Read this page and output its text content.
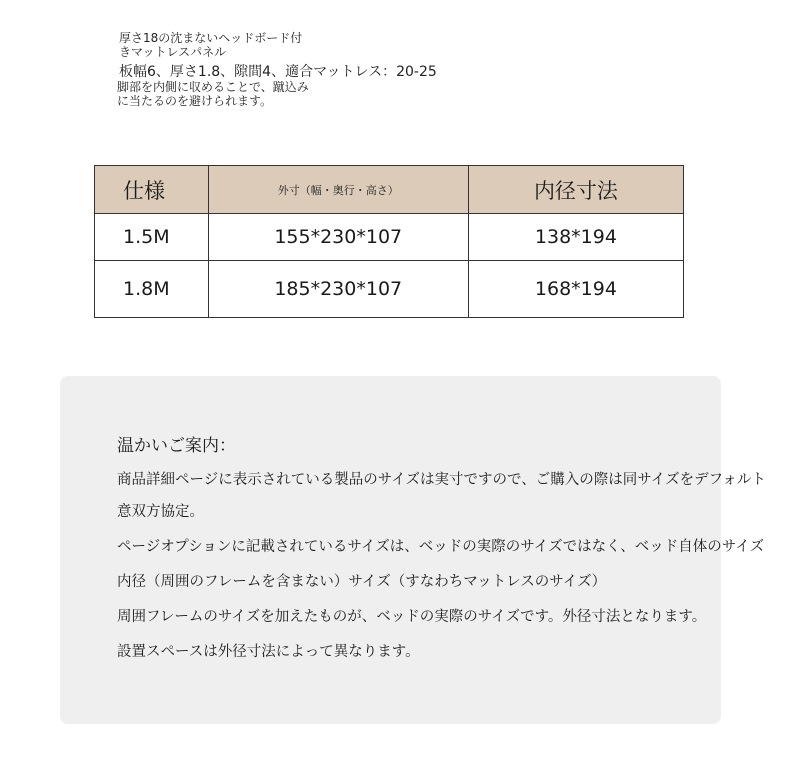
厚さ18の沈まないヘッドボード付
きマットレスパネル
板幅6、厚さ1.8、隙間4、適合マットレス：20-25
脚部を内側に収めることで、蹴込み
に当たるのを避けられます。
仕様	外寸（幅・奥行・高さ）	内径寸法
1.5M	155*230*107	138*194
1.8M	185*230*107	168*194
温かいご案内：
商品詳細ページに表示されている製品のサイズは実寸ですので、ご購入の際は同サイズをデフォルト
意双方協定。
ページオプションに記載されているサイズは、ベッドの実際のサイズではなく、ベッド自体のサイズ
内径（周囲のフレームを含まない）サイズ（すなわちマットレスのサイズ）
周囲フレームのサイズを加えたものが、ベッドの実際のサイズです。外径寸法となります。
設置スペースは外径寸法によって異なります。
